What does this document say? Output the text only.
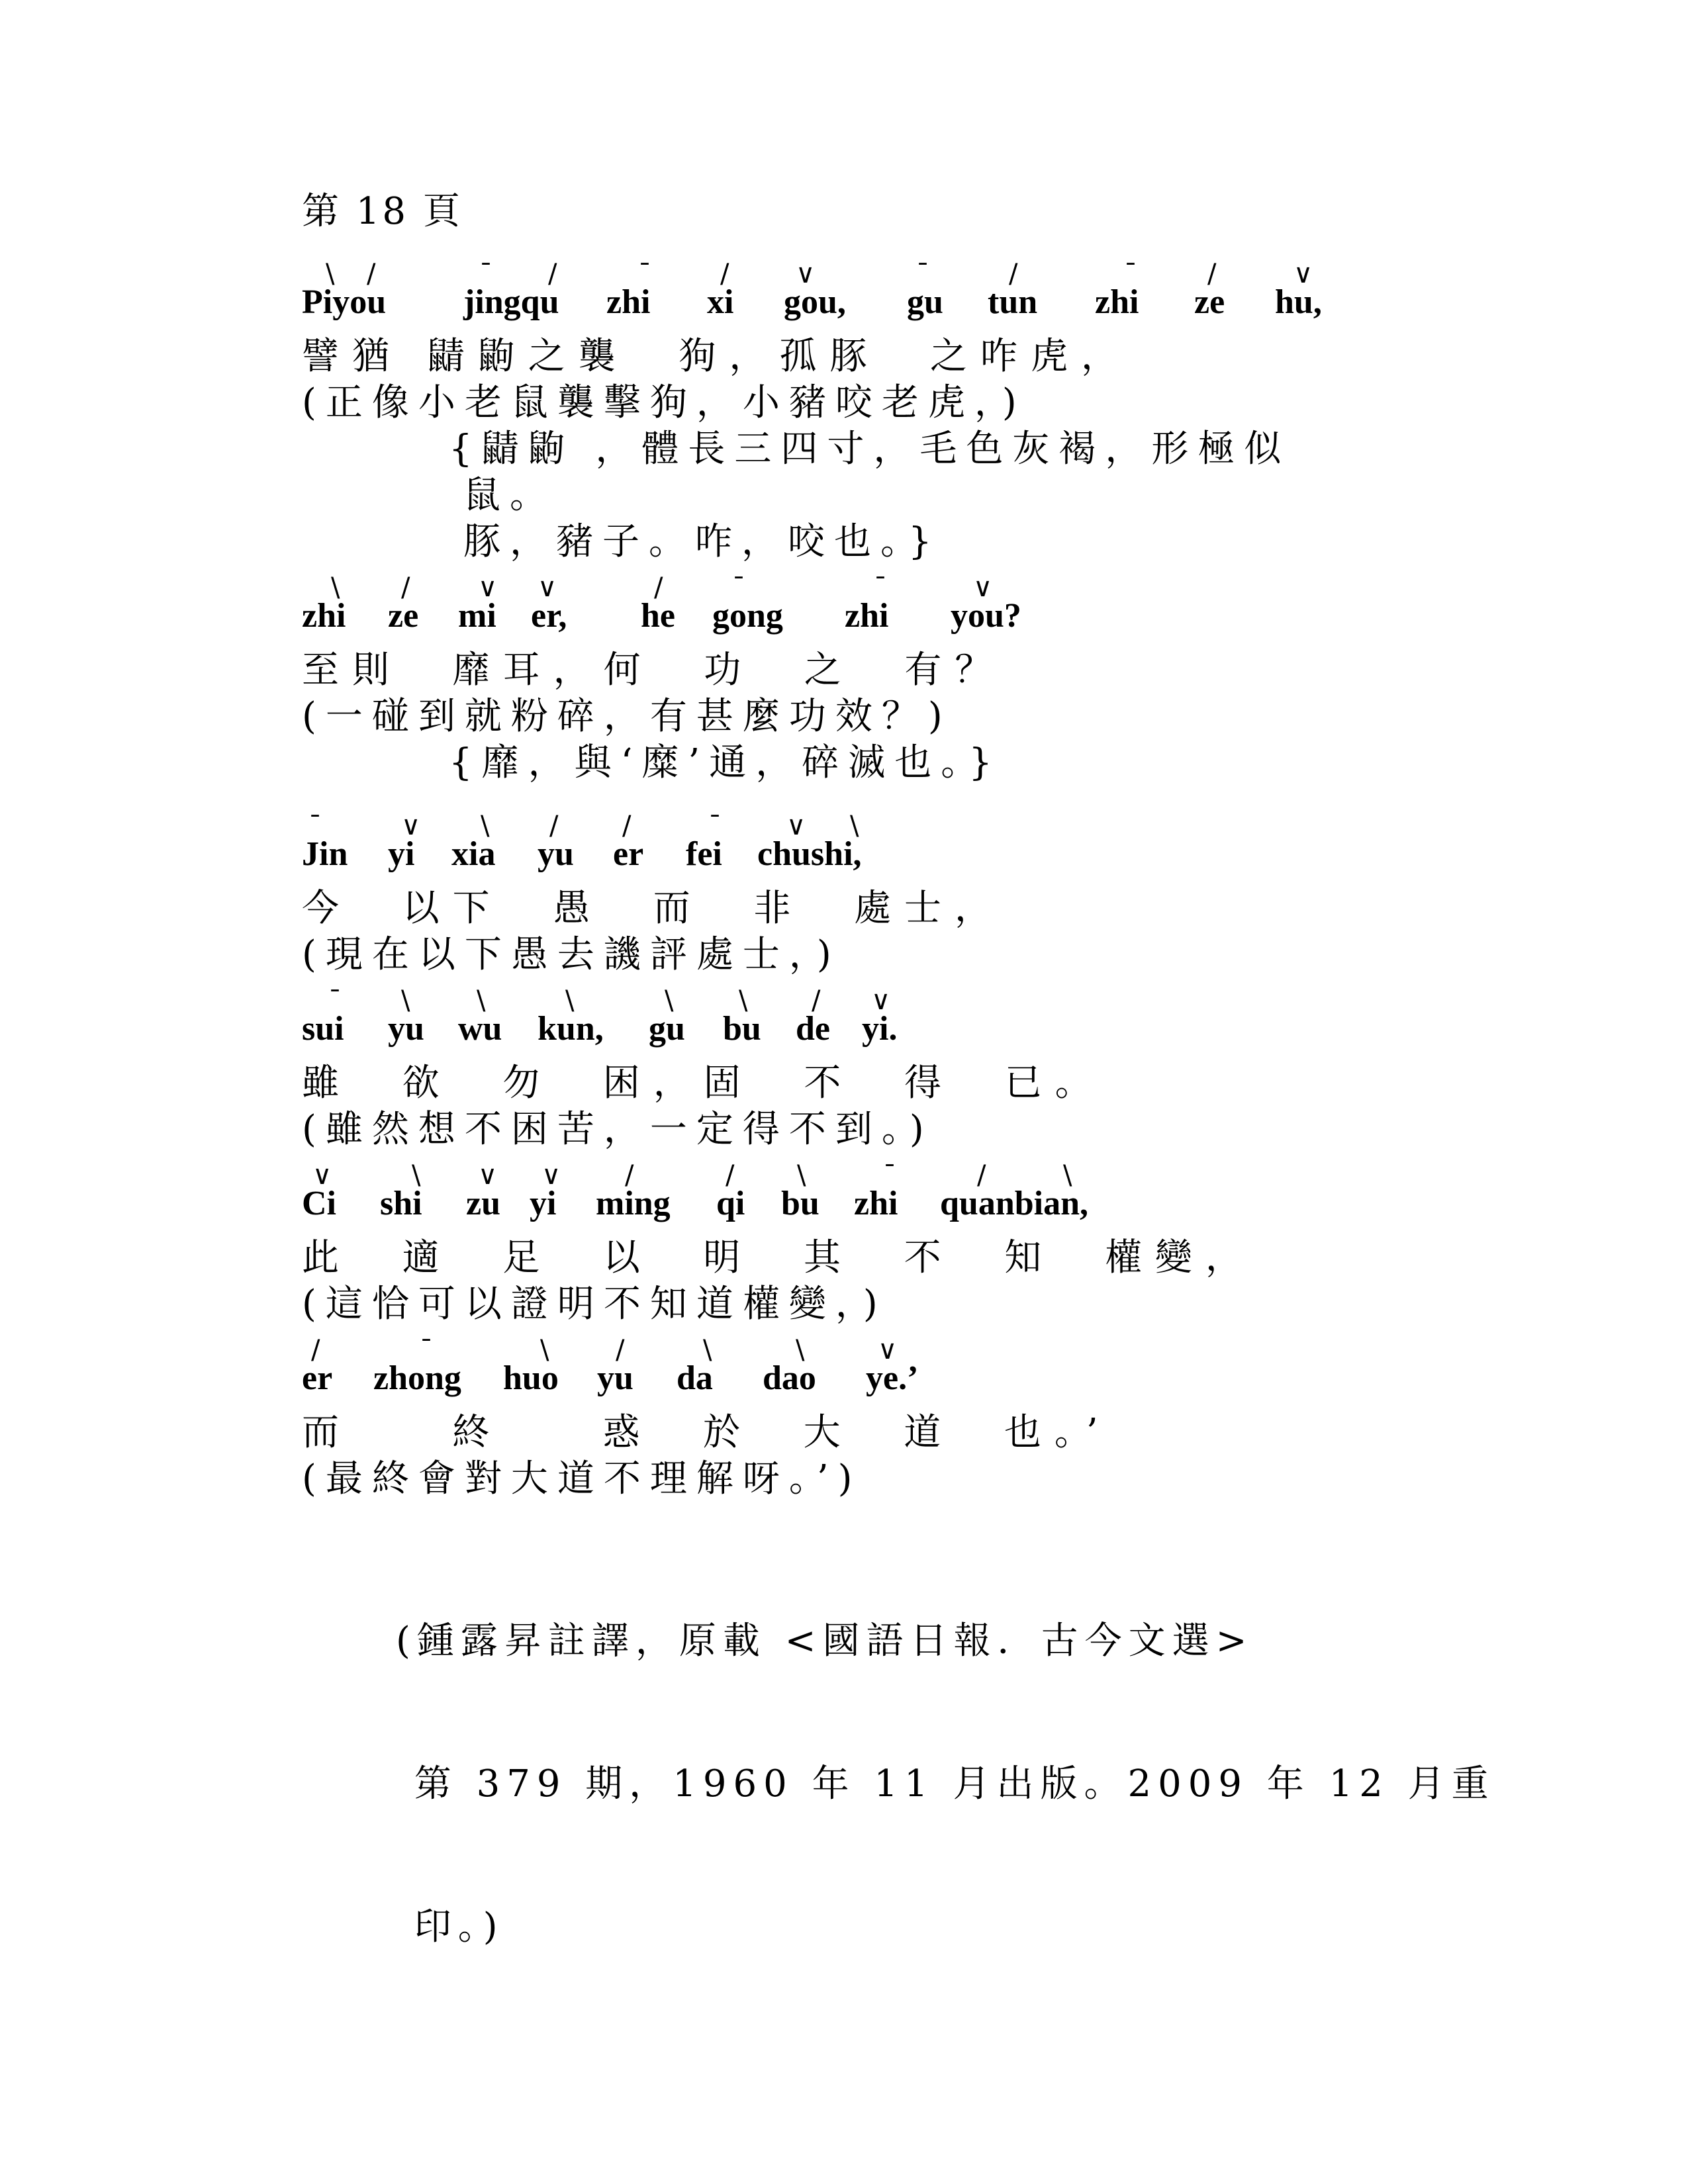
第 18 頁
Piyou
\ /
jingqu
¯ /
zhi
¯
xi
/
gou,
∨
gu
¯
tun
/
zhi
¯
ze
/
hu,
∨
譬猶 鼱鼩之襲  狗，孤豚  之咋虎，
(正像小老鼠襲擊狗，小豬咬老虎，)
{鼱鼩 ，體長三四寸，毛色灰褐，形極似
鼠。
豚，豬子。咋，咬也。}
zhi
\
ze
/
mi
∨
er,
∨
he
/
gong
¯
zhi
¯
you?
∨
至則  靡耳，何  功  之  有？
(一碰到就粉碎，有甚麼功效？)
{靡，與‘糜’通，碎滅也。}
Jin
¯
yi
∨
xia
\
yu
/
er
/
fei
¯
chushi,
∨ \
今  以下  愚  而  非  處士，
(現在以下愚去譏評處士，)
sui
¯
yu
\
wu
\
kun,
\
gu
\
bu
\
de
/
yi.
∨
雖  欲  勿  困，固  不  得  已。
(雖然想不困苦，一定得不到。)
Ci
∨
shi
\
zu
∨
yi
∨
ming
/
qi
/
bu
\
zhi
¯
quanbian,
/	\
此  適  足  以  明  其  不  知  權變，
(這恰可以證明不知道權變，)
er
/
zhong
¯
huo
\
yu
/
da
\
dao
\
ye.’
∨
而    終    惑  於  大  道  也。’
(最終會對大道不理解呀。’)

(鍾露昇註譯，原載 <國語日報．古今文選>

第 379 期，1960 年 11 月出版。2009 年 12 月重

印。)
